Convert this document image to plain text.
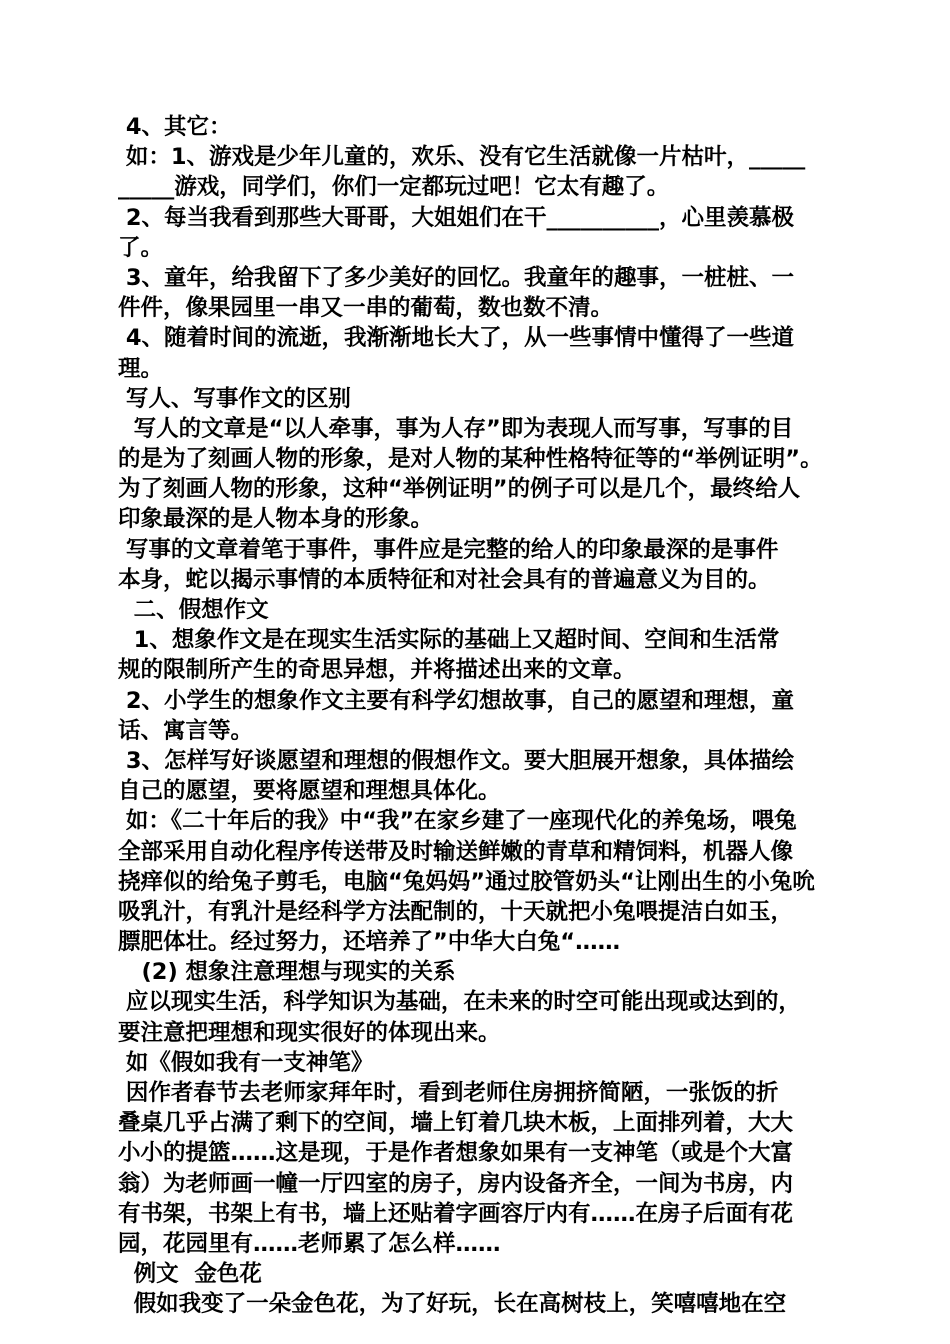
4、其它：
如：1、游戏是少年儿童的，欢乐、没有它生活就像一片枯叶，_____
_____游戏，同学们，你们一定都玩过吧！它太有趣了。
2、每当我看到那些大哥哥，大姐姐们在干__________，心里羡慕极
了。
3、童年，给我留下了多少美好的回忆。我童年的趣事，一桩桩、一
件件，像果园里一串又一串的葡萄，数也数不清。
4、随着时间的流逝，我渐渐地长大了，从一些事情中懂得了一些道
理。
写人、写事作文的区别
写人的文章是“以人牵事，事为人存”即为表现人而写事，写事的目
的是为了刻画人物的形象，是对人物的某种性格特征等的“举例证明”。
为了刻画人物的形象，这种“举例证明”的例子可以是几个，最终给人
印象最深的是人物本身的形象。
写事的文章着笔于事件，事件应是完整的给人的印象最深的是事件
本身，蛇以揭示事情的本质特征和对社会具有的普遍意义为目的。
二、假想作文
1、想象作文是在现实生活实际的基础上又超时间、空间和生活常
规的限制所产生的奇思异想，并将描述出来的文章。
2、小学生的想象作文主要有科学幻想故事，自己的愿望和理想，童
话、寓言等。
3、怎样写好谈愿望和理想的假想作文。要大胆展开想象，具体描绘
自己的愿望，要将愿望和理想具体化。
如：《二十年后的我》中“我”在家乡建了一座现代化的养兔场，喂兔
全部采用自动化程序传送带及时输送鲜嫩的青草和精饲料，机器人像
挠痒似的给兔子剪毛，电脑“兔妈妈”通过胶管奶头“让刚出生的小兔吮
吸乳汁，有乳汁是经科学方法配制的，十天就把小兔喂提洁白如玉，
膘肥体壮。经过努力，还培养了”中华大白兔“……
(2) 想象注意理想与现实的关系
应以现实生活，科学知识为基础，在未来的时空可能出现或达到的，
要注意把理想和现实很好的体现出来。
如《假如我有一支神笔》
因作者春节去老师家拜年时，看到老师住房拥挤简陋，一张饭的折
叠桌几乎占满了剩下的空间，墙上钉着几块木板，上面排列着，大大
小小的提篮……这是现，于是作者想象如果有一支神笔（或是个大富
翁）为老师画一幢一厅四室的房子，房内设备齐全，一间为书房，内
有书架，书架上有书，墙上还贴着字画容厅内有……在房子后面有花
园，花园里有……老师累了怎么样……
例文  金色花
假如我变了一朵金色花，为了好玩，长在高树枝上，笑嘻嘻地在空
